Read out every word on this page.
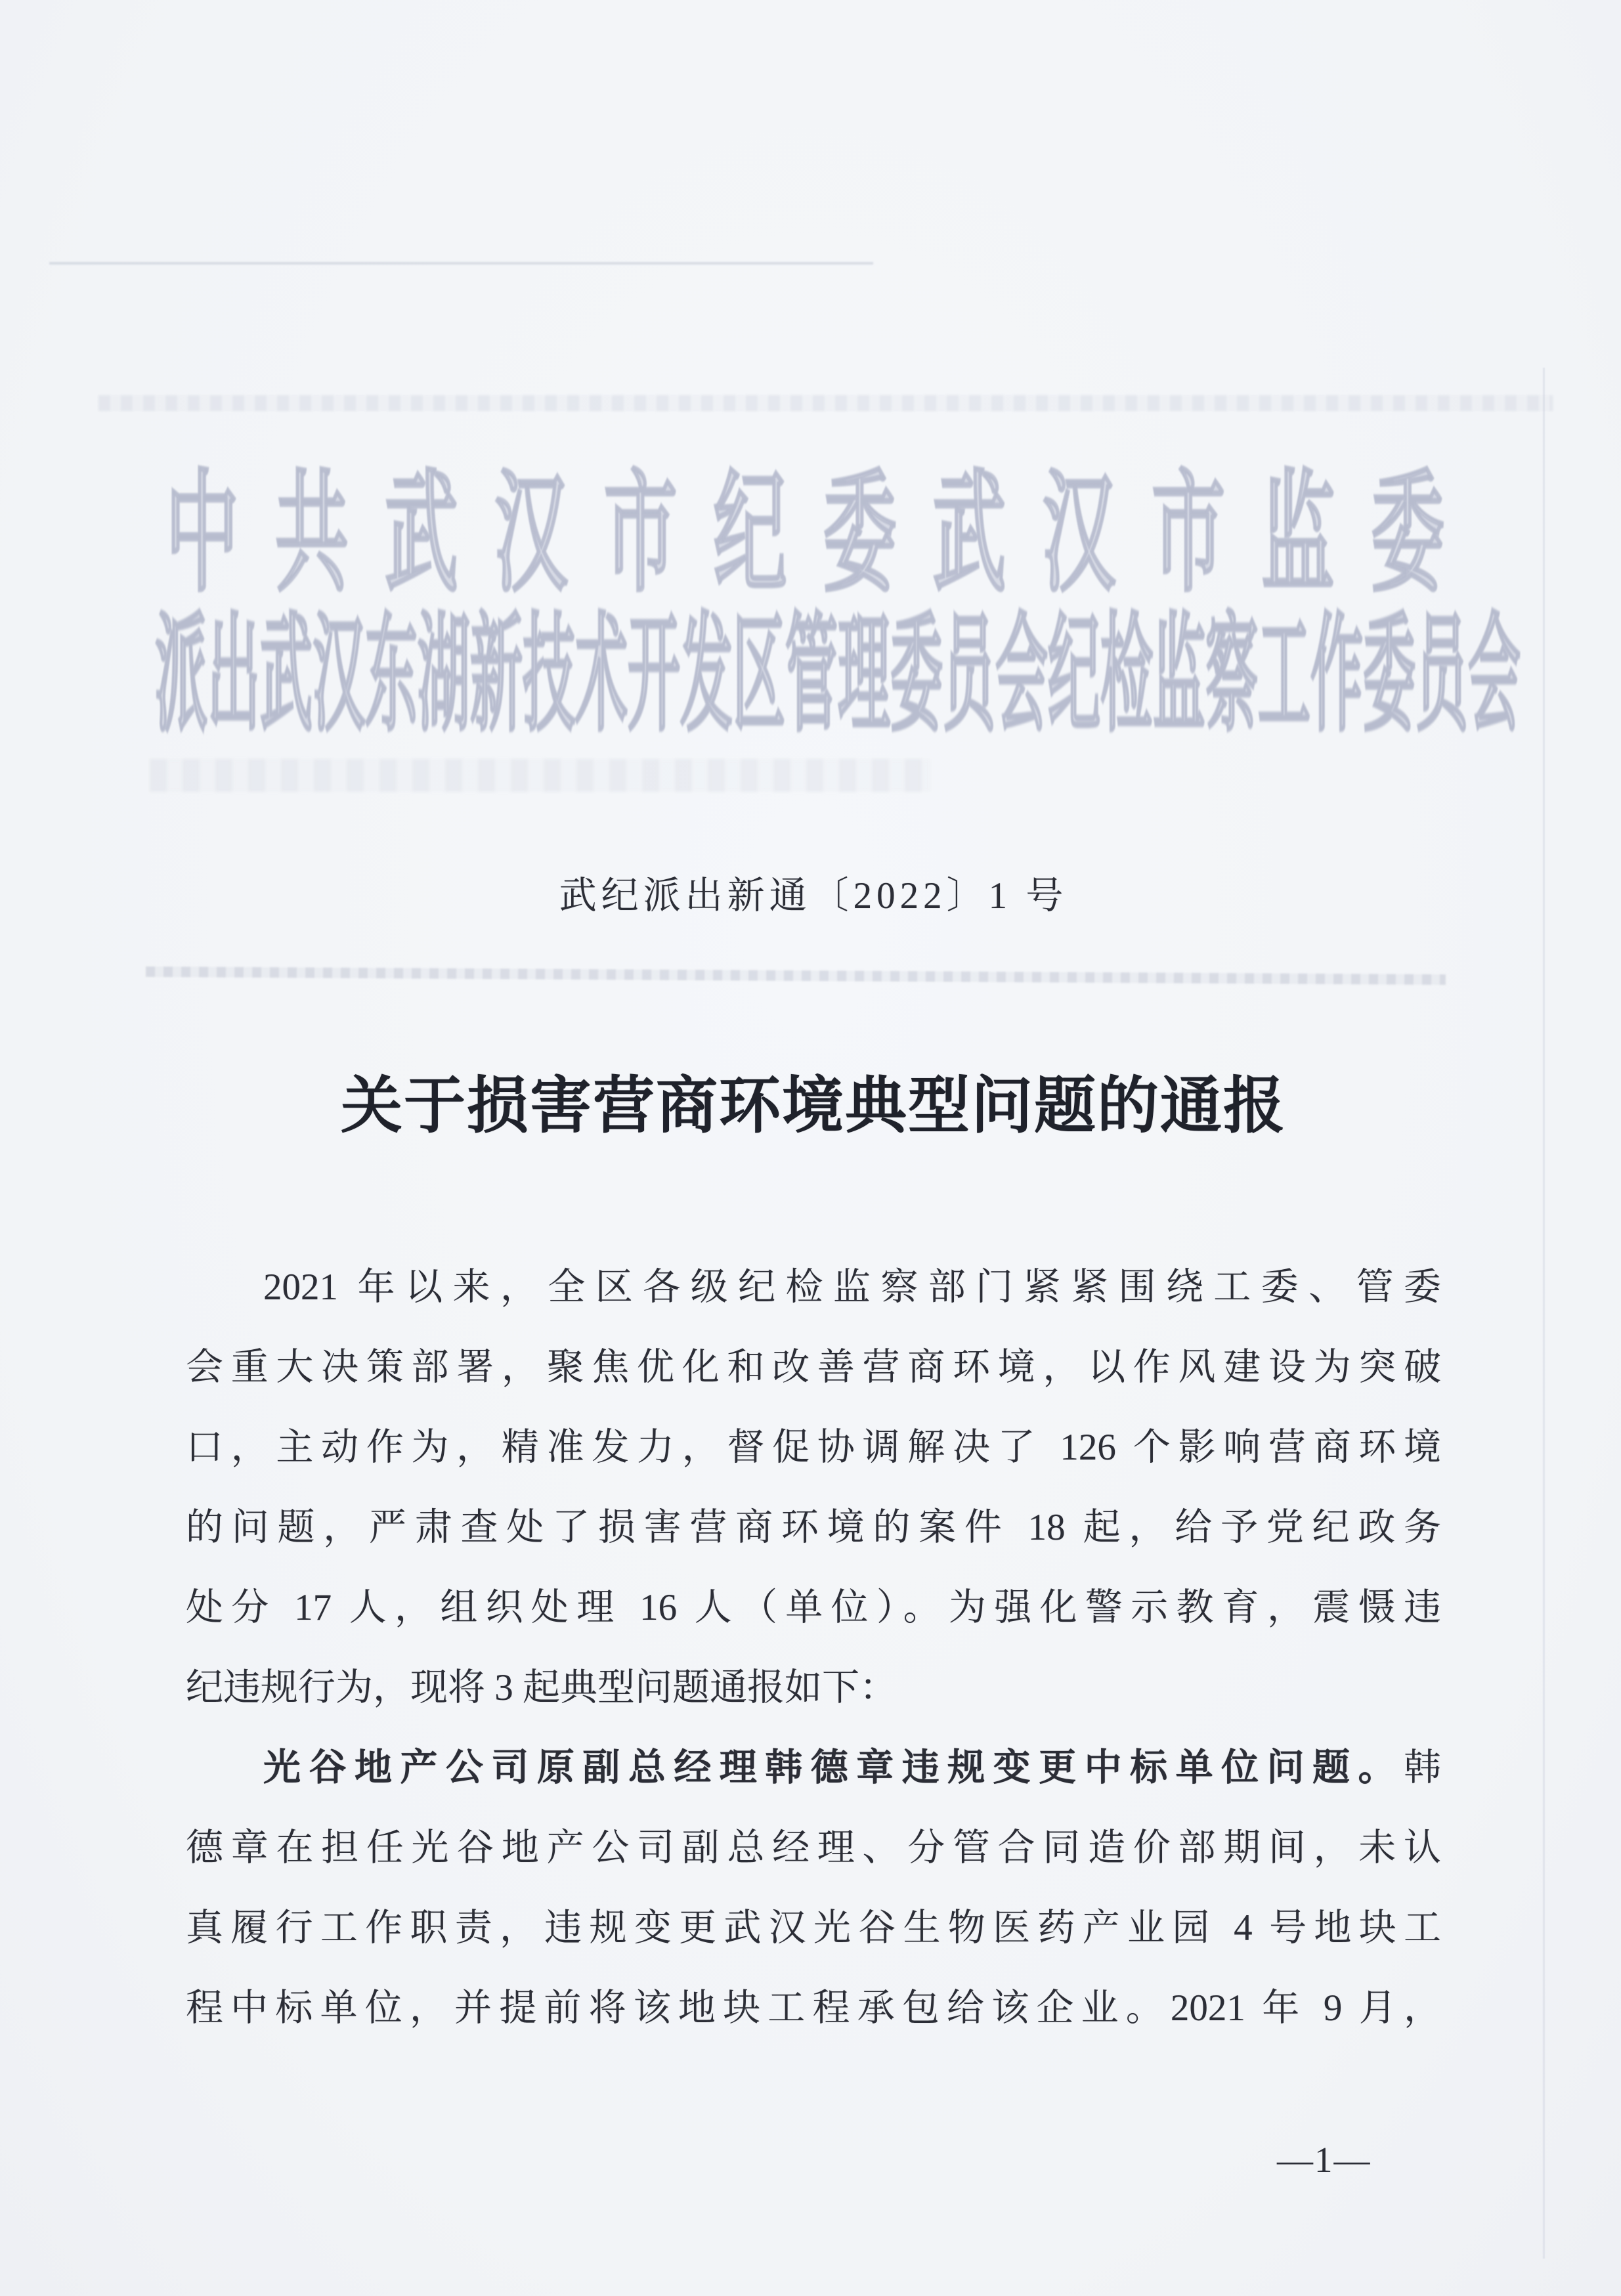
中 共 武 汉 市 纪 委 武 汉 市 监 委
派 出 武 汉 东 湖 新 技 术 开 发 区 管 理 委 员 会 纪 检 监 察 工 作 委 员 会
武纪派出新通〔2022〕1 号
关于损害营商环境典型问题的通报
2021 年以来，全区各级纪检监察部门紧紧围绕工委、管委
会重大决策部署，聚焦优化和改善营商环境，以作风建设为突破
口，主动作为，精准发力，督促协调解决了 126 个影响营商环境
的问题，严肃查处了损害营商环境的案件 18 起，给予党纪政务
处分 17 人，组织处理 16 人（单位）。为强化警示教育，震慑违
纪违规行为，现将 3 起典型问题通报如下：
光谷地产公司原副总经理韩德章违规变更中标单位问题。韩
德章在担任光谷地产公司副总经理、分管合同造价部期间，未认
真履行工作职责，违规变更武汉光谷生物医药产业园 4 号地块工
程中标单位，并提前将该地块工程承包给该企业。2021 年 9 月，
—1—
